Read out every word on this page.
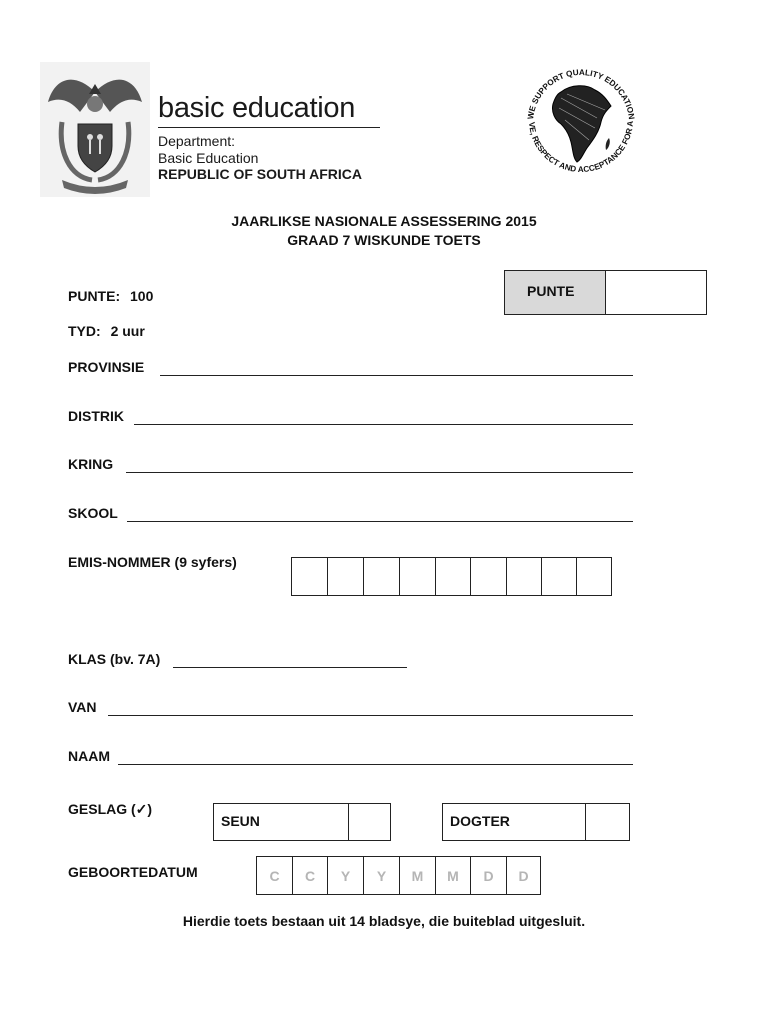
basic education
Department:
Basic Education
REPUBLIC OF SOUTH AFRICA
WE SUPPORT QUALITY EDUCATION
VE, RESPECT AND ACCEPTANCE FOR A
JAARLIKSE NASIONALE ASSESSERING 2015
GRAAD 7 WISKUNDE TOETS
PUNTE: 100
TYD: 2 uur
PUNTE
PROVINSIE
DISTRIK
KRING
SKOOL
EMIS-NOMMER (9 syfers)
KLAS (bv. 7A)
VAN
NAAM
GESLAG (✓)
SEUN	DOGTER
GEBOORTEDATUM	C	C	Y	Y	M	M	D	D
Hierdie toets bestaan uit 14 bladsye, die buiteblad uitgesluit.
